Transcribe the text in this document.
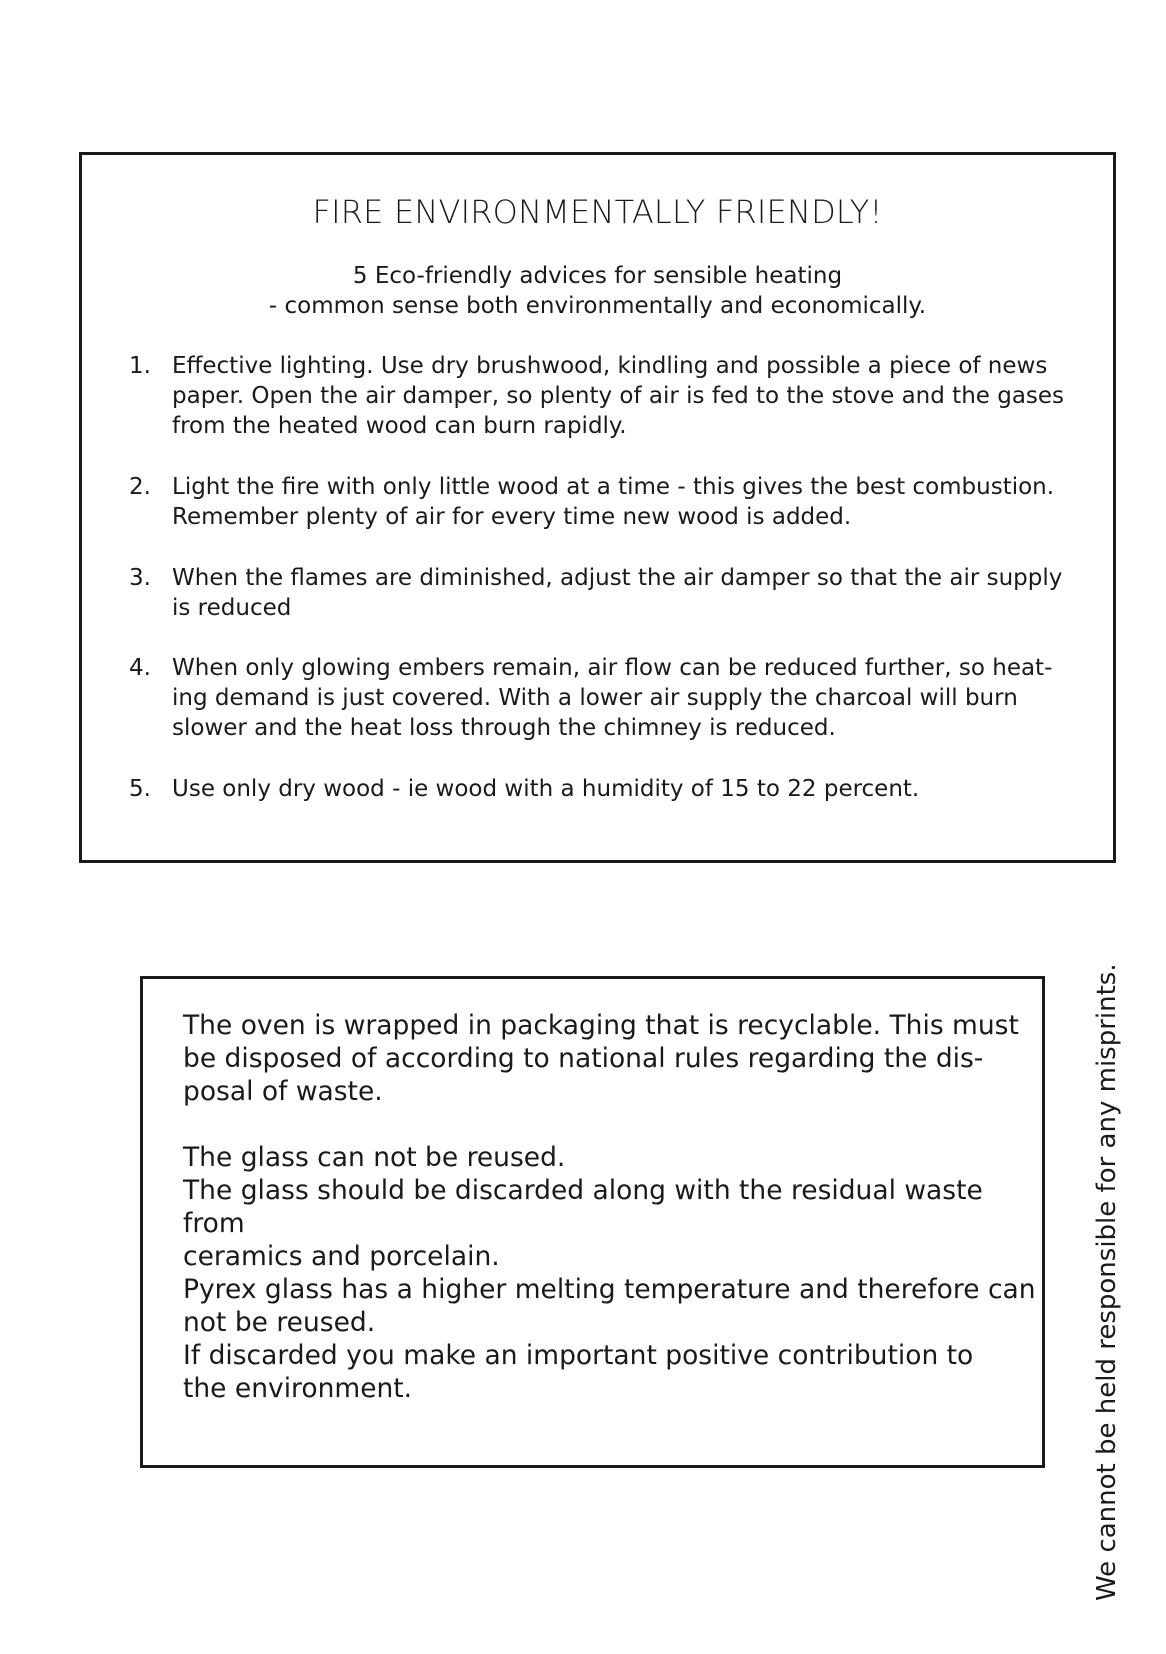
FIRE ENVIRONMENTALLY FRIENDLY!
5 Eco-friendly advices for sensible heating
- common sense both environmentally and economically.
1. Effective lighting. Use dry brushwood, kindling and possible a piece of news
paper. Open the air damper, so plenty of air is fed to the stove and the gases
from the heated wood can burn rapidly.
2. Light the fire with only little wood at a time - this gives the best combustion.
Remember plenty of air for every time new wood is added.
3. When the flames are diminished, adjust the air damper so that the air supply
is reduced
4. When only glowing embers remain, air flow can be reduced further, so heat-
ing demand is just covered. With a lower air supply the charcoal will burn
slower and the heat loss through the chimney is reduced.
5. Use only dry wood - ie wood with a humidity of 15 to 22 percent.
The oven is wrapped in packaging that is recyclable. This must
be disposed of according to national rules regarding the dis-
posal of waste.
The glass can not be reused.
The glass should be discarded along with the residual waste
from
ceramics and porcelain.
Pyrex glass has a higher melting temperature and therefore can
not be reused.
If discarded you make an important positive contribution to
the environment.	We cannot be held responsible for any misprints.
